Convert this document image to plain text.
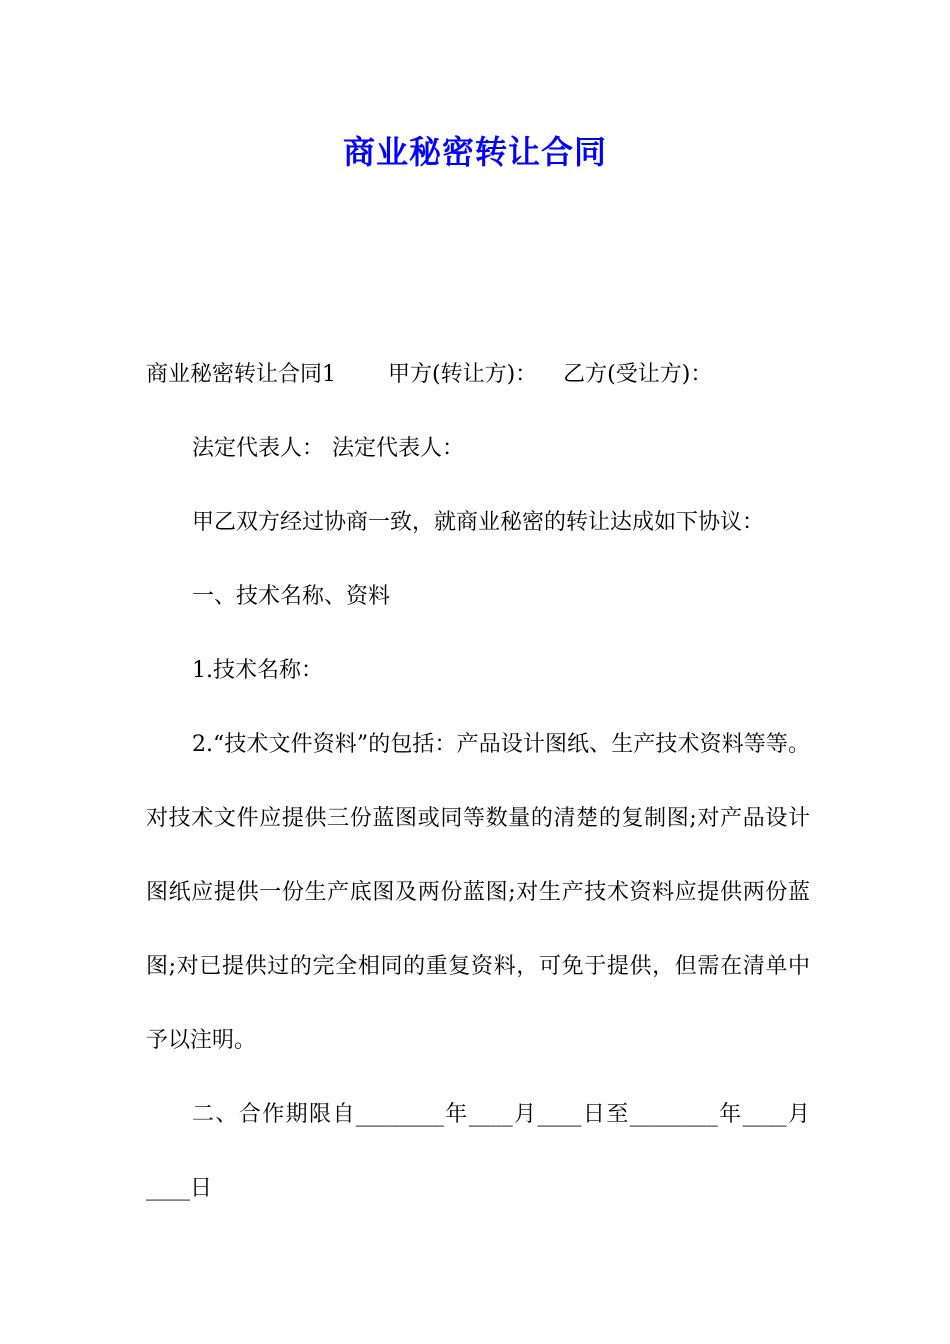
商业秘密转让合同

商业秘密转让合同1 甲方(转让方)： 乙方(受让方)：

法定代表人： 法定代表人：

甲乙双方经过协商一致，就商业秘密的转让达成如下协议：

一、技术名称、资料

1.技术名称：

2.“技术文件资料”的包括：产品设计图纸、生产技术资料等等。对技术文件应提供三份蓝图或同等数量的清楚的复制图;对产品设计图纸应提供一份生产底图及两份蓝图;对生产技术资料应提供两份蓝图;对已提供过的完全相同的重复资料，可免于提供，但需在清单中予以注明。

二、合作期限自________年____月____日至________年____月____日
